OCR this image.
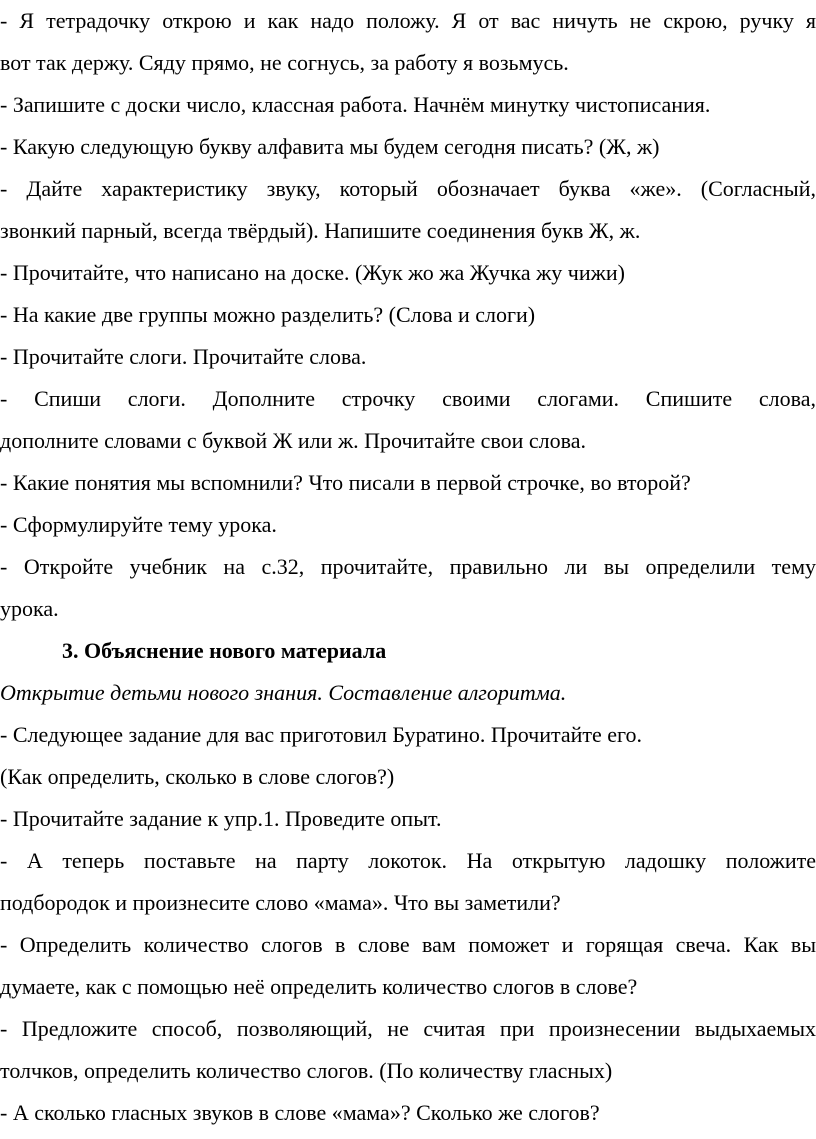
- Я тетрадочку открою и как надо положу. Я от вас ничуть не скрою, ручку я

вот так держу. Сяду прямо, не согнусь, за работу я возьмусь.

- Запишите с доски число, классная работа. Начнём минутку чистописания.

- Какую следующую букву алфавита мы будем сегодня писать? (Ж, ж)

- Дайте характеристику звуку, который обозначает буква «же». (Согласный,

звонкий парный, всегда твёрдый). Напишите соединения букв Ж, ж.

- Прочитайте, что написано на доске. (Жук жо жа Жучка жу чижи)

- На какие две группы можно разделить? (Слова и слоги)

- Прочитайте слоги. Прочитайте слова.

- Спиши слоги. Дополните строчку своими слогами. Спишите слова,

дополните словами с буквой Ж или ж. Прочитайте свои слова.

- Какие понятия мы вспомнили? Что писали в первой строчке, во второй?

- Сформулируйте тему урока.

- Откройте учебник на с.32, прочитайте, правильно ли вы определили тему

урока.

3. Объяснение нового материала

Открытие детьми нового знания. Составление алгоритма.

- Следующее задание для вас приготовил Буратино. Прочитайте его.

(Как определить, сколько в слове слогов?)

- Прочитайте задание к упр.1. Проведите опыт.

- А теперь поставьте на парту локоток. На открытую ладошку положите

подбородок и произнесите слово «мама». Что вы заметили?

- Определить количество слогов в слове вам поможет и горящая свеча. Как вы

думаете, как с помощью неё определить количество слогов в слове?

- Предложите способ, позволяющий, не считая при произнесении выдыхаемых

толчков, определить количество слогов. (По количеству гласных)

- А сколько гласных звуков в слове «мама»? Сколько же слогов?
